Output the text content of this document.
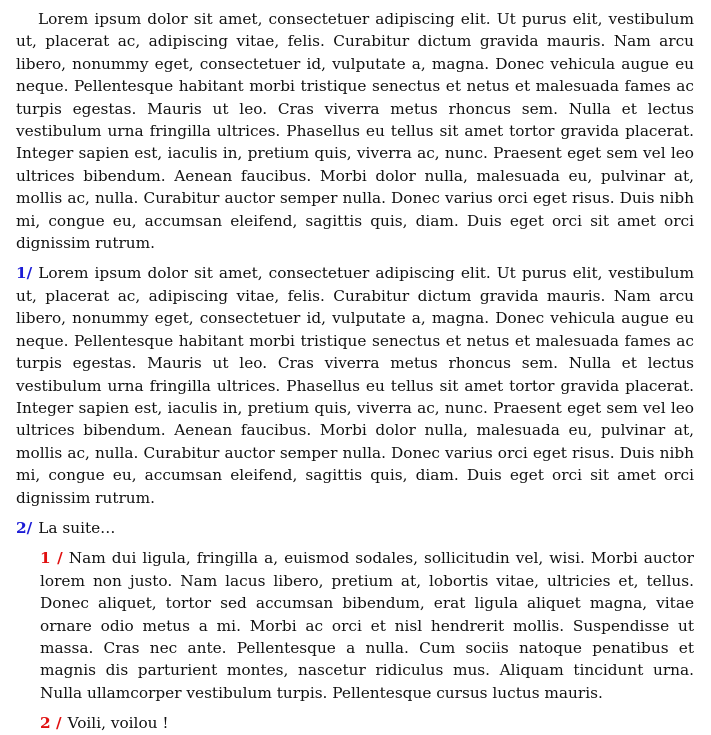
Lorem ipsum dolor sit amet, consectetuer adipiscing elit. Ut purus elit, vestibulum ut, placerat ac, adipiscing vitae, felis. Curabitur dictum gravida mauris. Nam arcu libero, nonummy eget, consectetuer id, vulputate a, magna. Donec vehicula augue eu neque. Pellentesque habitant morbi tristique senectus et netus et malesuada fames ac turpis egestas. Mauris ut leo. Cras viverra metus rhoncus sem. Nulla et lectus vestibulum urna fringilla ultrices. Phasellus eu tellus sit amet tortor gravida placerat. Integer sapien est, iaculis in, pretium quis, viverra ac, nunc. Praesent eget sem vel leo ultrices bibendum. Aenean faucibus. Morbi dolor nulla, malesuada eu, pulvinar at, mollis ac, nulla. Curabitur auctor semper nulla. Donec varius orci eget risus. Duis nibh mi, congue eu, accumsan eleifend, sagittis quis, diam. Duis eget orci sit amet orci dignissim rutrum.

1/ Lorem ipsum dolor sit amet, consectetuer adipiscing elit. Ut purus elit, vestibulum ut, placerat ac, adipiscing vitae, felis. Curabitur dictum gravida mauris. Nam arcu libero, nonummy eget, consectetuer id, vulputate a, magna. Donec vehicula augue eu neque. Pellentesque habitant morbi tristique senectus et netus et malesuada fames ac turpis egestas. Mauris ut leo. Cras viverra metus rhoncus sem. Nulla et lectus vestibulum urna fringilla ultrices. Phasellus eu tellus sit amet tortor gravida placerat. Integer sapien est, iaculis in, pretium quis, viverra ac, nunc. Praesent eget sem vel leo ultrices bibendum. Aenean faucibus. Morbi dolor nulla, malesuada eu, pulvinar at, mollis ac, nulla. Curabitur auctor semper nulla. Donec varius orci eget risus. Duis nibh mi, congue eu, accumsan eleifend, sagittis quis, diam. Duis eget orci sit amet orci dignissim rutrum.

2/ La suite…

1 / Nam dui ligula, fringilla a, euismod sodales, sollicitudin vel, wisi. Morbi auctor lorem non justo. Nam lacus libero, pretium at, lobortis vitae, ultricies et, tellus. Donec aliquet, tortor sed accumsan bibendum, erat ligula aliquet magna, vitae ornare odio metus a mi. Morbi ac orci et nisl hendrerit mollis. Suspendisse ut massa. Cras nec ante. Pellentesque a nulla. Cum sociis natoque penatibus et magnis dis parturient montes, nascetur ridiculus mus. Aliquam tincidunt urna. Nulla ullamcorper vestibulum turpis. Pellentesque cursus luctus mauris.

2 / Voili, voilou !
